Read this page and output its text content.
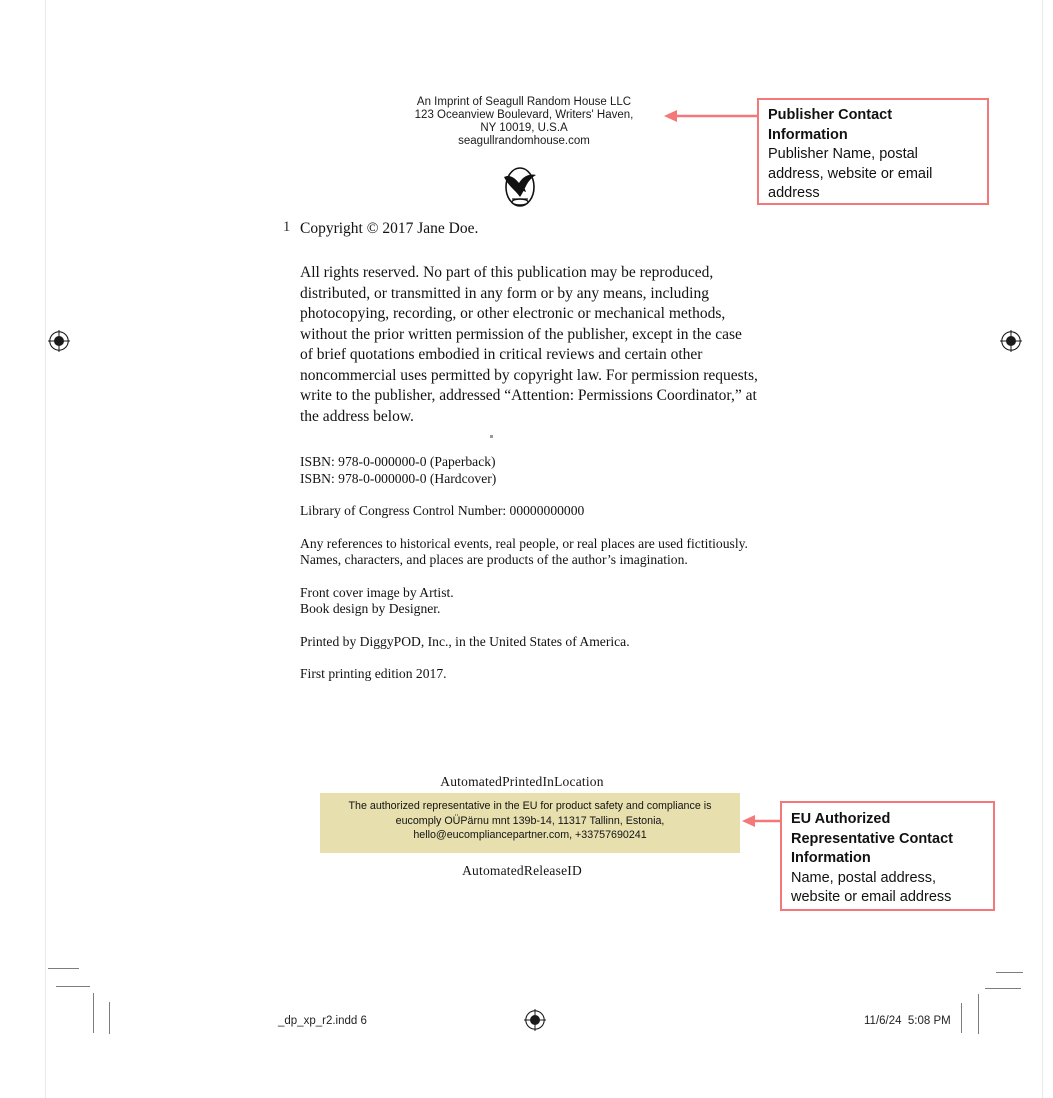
An Imprint of Seagull Random House LLC
123 Oceanview Boulevard, Writers' Haven,
NY 10019, U.S.A
seagullrandomhouse.com
1 Copyright © 2017 Jane Doe.

All rights reserved. No part of this publication may be reproduced, distributed, or transmitted in any form or by any means, including photocopying, recording, or other electronic or mechanical methods, without the prior written permission of the publisher, except in the case of brief quotations embodied in critical reviews and certain other noncommercial uses permitted by copyright law. For permission requests, write to the publisher, addressed “Attention: Permissions Coordinator,” at the address below.

ISBN: 978-0-000000-0 (Paperback)

ISBN: 978-0-000000-0 (Hardcover)

Library of Congress Control Number: 00000000000

Any references to historical events, real people, or real places are used fictitiously. Names, characters, and places are products of the author’s imagination.

Front cover image by Artist.

Book design by Designer.

Printed by DiggyPOD, Inc., in the United States of America.

First printing edition 2017.

AutomatedPrintedInLocation
The authorized representative in the EU for product safety and compliance is
eucomply OÜPärnu mnt 139b-14, 11317 Tallinn, Estonia,
hello@eucompliancepartner.com, +33757690241
AutomatedReleaseID
Publisher Contact
Information
Publisher Name, postal
address, website or email
address
EU Authorized
Representative Contact
Information
Name, postal address,
website or email address
_dp_xp_r2.indd 6	11/6/24 5:08 PM
